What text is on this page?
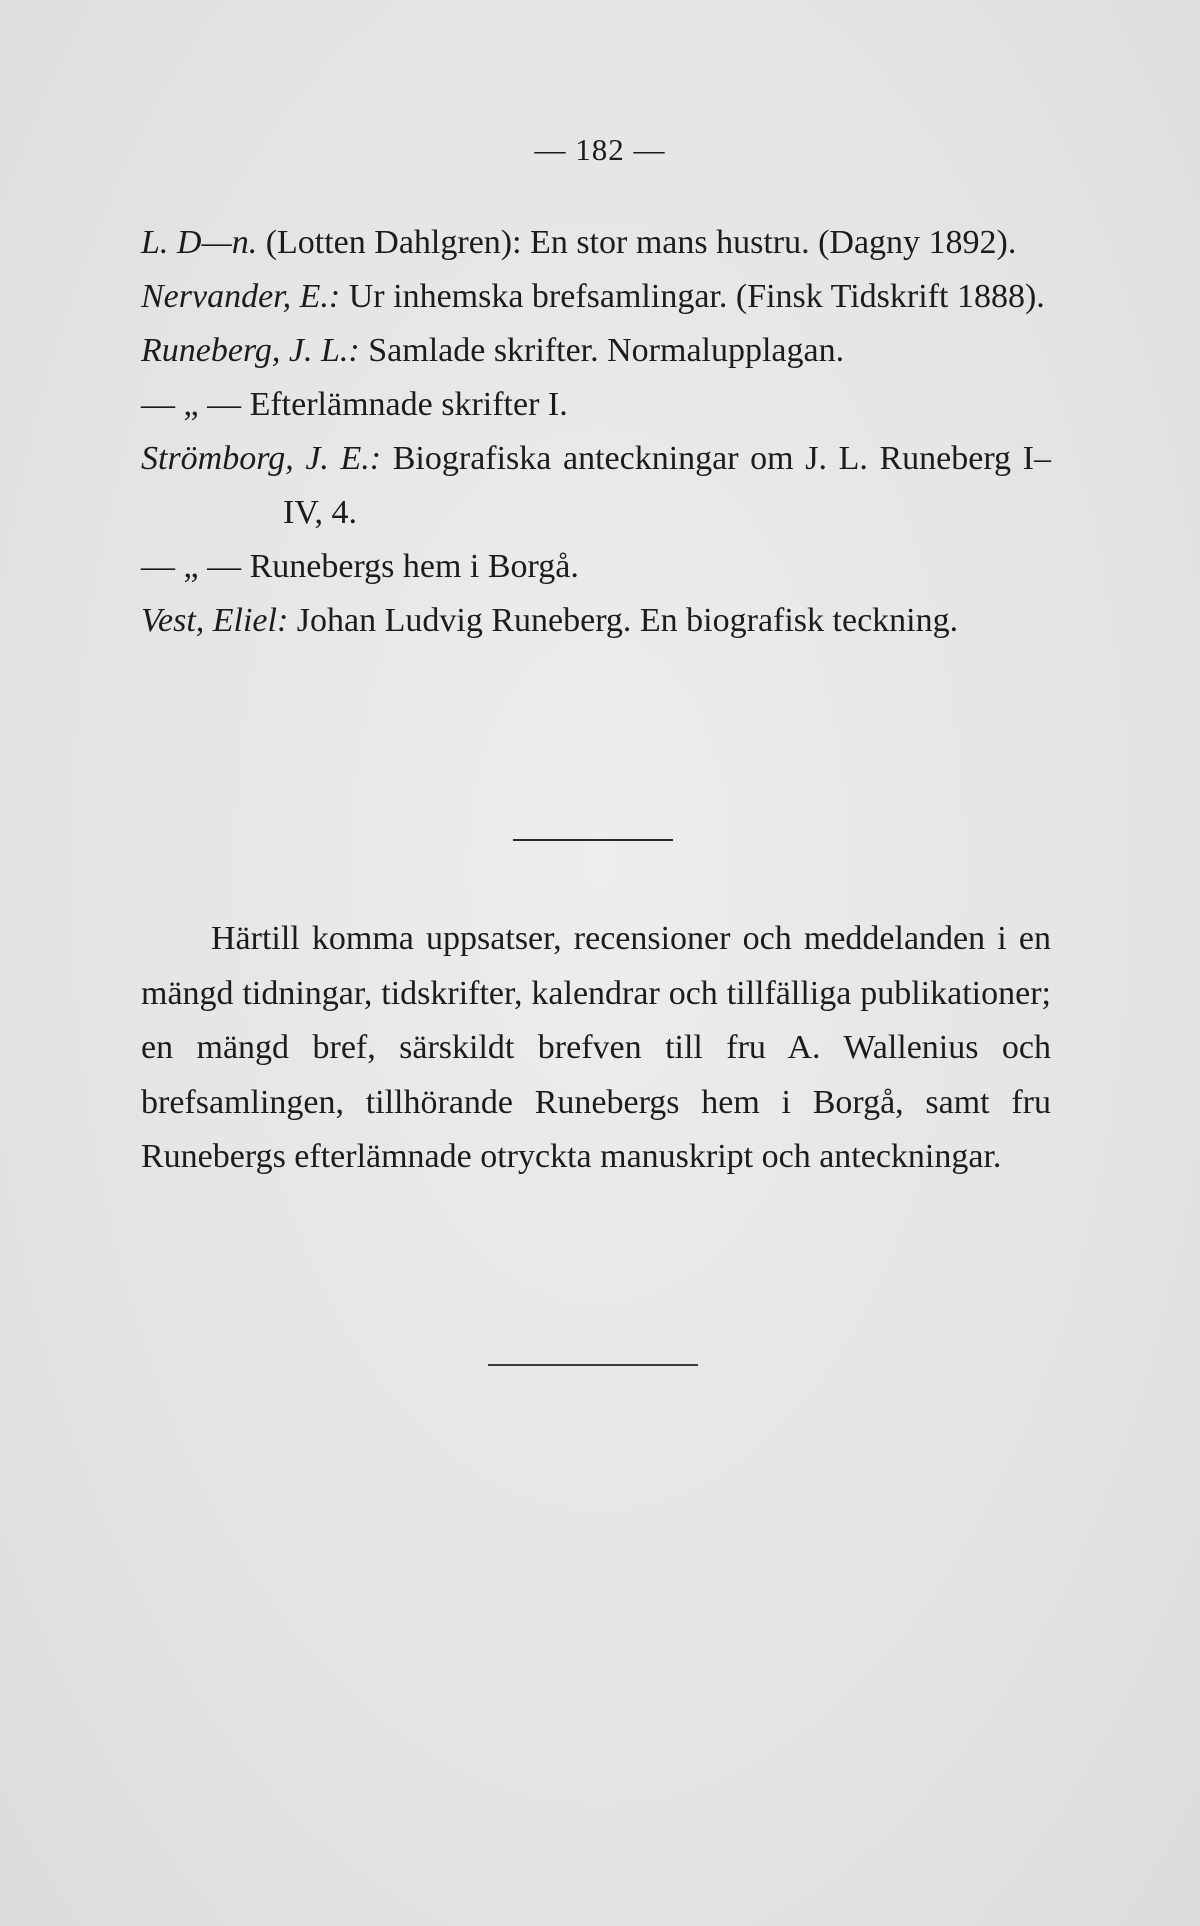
— 182 —

L. D—n. (Lotten Dahlgren): En stor mans hustru. (Dagny 1892).

Nervander, E.: Ur inhemska brefsamlingar. (Finsk Tidskrift 1888).

Runeberg, J. L.: Samlade skrifter. Normalupplagan.

— „ — Efterlämnade skrifter I.

Strömborg, J. E.: Biografiska anteckningar om J. L. Runeberg I–IV, 4.

— „ — Runebergs hem i Borgå.

Vest, Eliel: Johan Ludvig Runeberg. En biografisk teckning.

Härtill komma uppsatser, recensioner och meddelanden i en mängd tidningar, tidskrifter, kalendrar och tillfälliga publikationer; en mängd bref, särskildt brefven till fru A. Wallenius och brefsamlingen, tillhörande Runebergs hem i Borgå, samt fru Runebergs efterlämnade otryckta manuskript och anteckningar.
